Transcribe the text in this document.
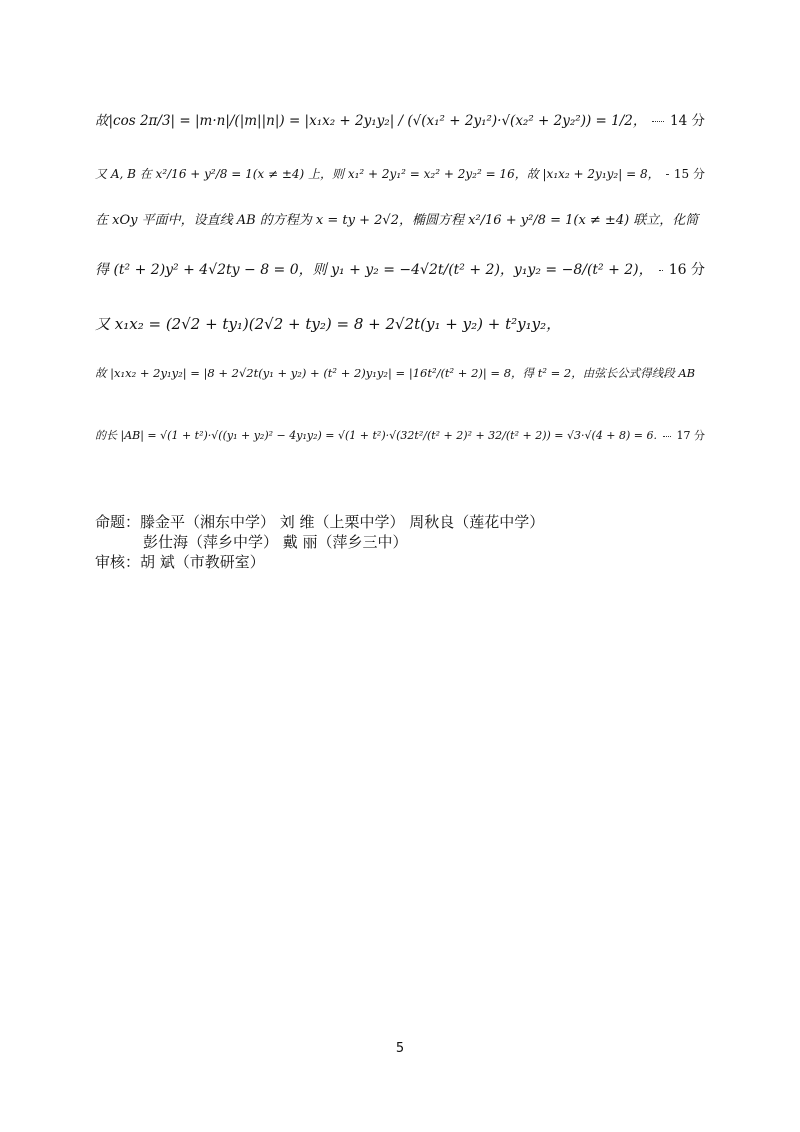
故|cos 2π/3| = |m·n|/(|m||n|) = |x₁x₂ + 2y₁y₂| / (√(x₁² + 2y₁²)·√(x₂² + 2y₂²)) = 1/2， 14 分
又 A, B 在 x²/16 + y²/8 = 1(x ≠ ±4) 上，则 x₁² + 2y₁² = x₂² + 2y₂² = 16，故 |x₁x₂ + 2y₁y₂| = 8， 15 分
在 xOy 平面中，设直线 AB 的方程为 x = ty + 2√2，椭圆方程 x²/16 + y²/8 = 1(x ≠ ±4) 联立，化简
得 (t² + 2)y² + 4√2ty − 8 = 0，则 y₁ + y₂ = −4√2t/(t² + 2)，y₁y₂ = −8/(t² + 2)， 16 分
又 x₁x₂ = (2√2 + ty₁)(2√2 + ty₂) = 8 + 2√2t(y₁ + y₂) + t²y₁y₂，
故 |x₁x₂ + 2y₁y₂| = |8 + 2√2t(y₁ + y₂) + (t² + 2)y₁y₂| = |16t²/(t² + 2)| = 8，得 t² = 2，由弦长公式得线段 AB
的长 |AB| = √(1 + t²)·√((y₁ + y₂)² − 4y₁y₂) = √(1 + t²)·√(32t²/(t² + 2)² + 32/(t² + 2)) = √3·√(4 + 8) = 6. 17 分
命题：滕金平（湘东中学） 刘 维（上栗中学） 周秋良（莲花中学）
彭仕海（萍乡中学） 戴 丽（萍乡三中）
审核：胡 斌（市教研室）
5
